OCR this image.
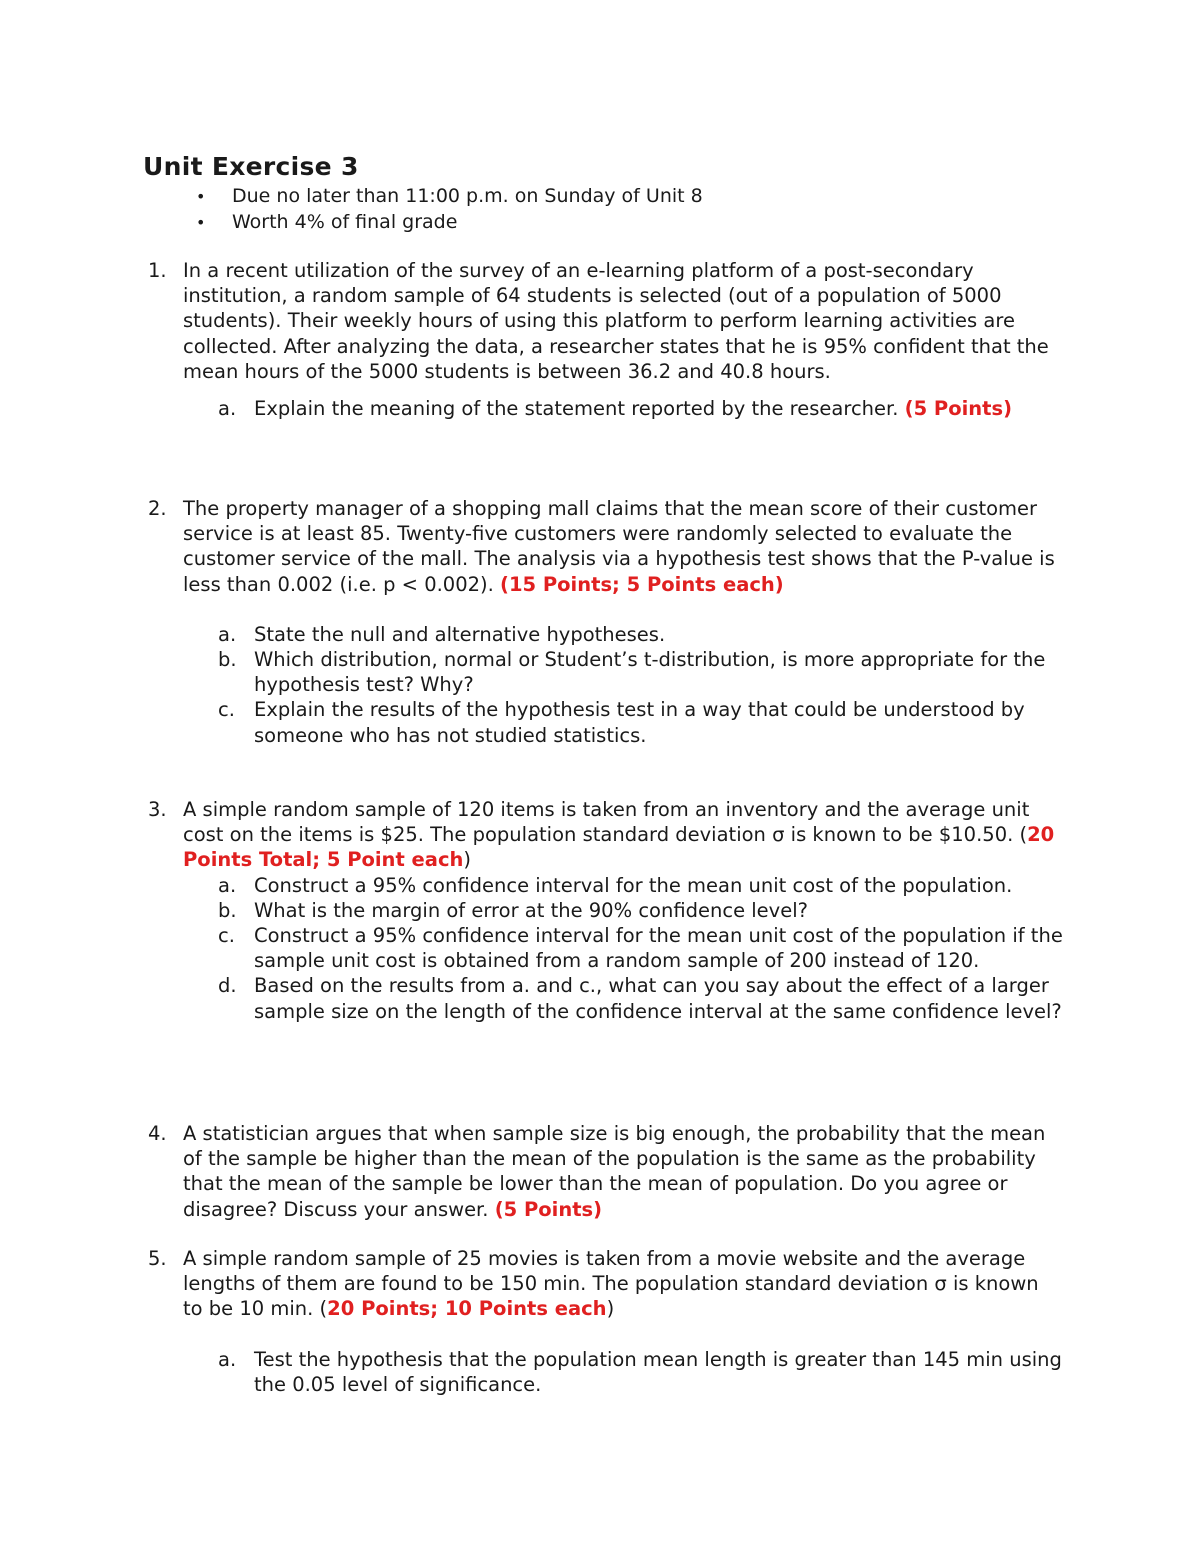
Unit Exercise 3
• Due no later than 11:00 p.m. on Sunday of Unit 8
• Worth 4% of final grade
1. In a recent utilization of the survey of an e-learning platform of a post-secondary institution, a random sample of 64 students is selected (out of a population of 5000 students). Their weekly hours of using this platform to perform learning activities are collected. After analyzing the data, a researcher states that he is 95% confident that the mean hours of the 5000 students is between 36.2 and 40.8 hours.

a. Explain the meaning of the statement reported by the researcher. (5 Points)
2. The property manager of a shopping mall claims that the mean score of their customer service is at least 85. Twenty-five customers were randomly selected to evaluate the customer service of the mall. The analysis via a hypothesis test shows that the P-value is less than 0.002 (i.e. p < 0.002). (15 Points; 5 Points each)

a. State the null and alternative hypotheses.
b. Which distribution, normal or Student’s t-distribution, is more appropriate for the hypothesis test? Why?
c. Explain the results of the hypothesis test in a way that could be understood by someone who has not studied statistics.
3. A simple random sample of 120 items is taken from an inventory and the average unit cost on the items is $25. The population standard deviation σ is known to be $10.50. (20 Points Total; 5 Point each)

a. Construct a 95% confidence interval for the mean unit cost of the population.
b. What is the margin of error at the 90% confidence level?
c. Construct a 95% confidence interval for the mean unit cost of the population if the sample unit cost is obtained from a random sample of 200 instead of 120.
d. Based on the results from a. and c., what can you say about the effect of a larger sample size on the length of the confidence interval at the same confidence level?
4. A statistician argues that when sample size is big enough, the probability that the mean of the sample be higher than the mean of the population is the same as the probability that the mean of the sample be lower than the mean of population. Do you agree or disagree? Discuss your answer. (5 Points)

5. A simple random sample of 25 movies is taken from a movie website and the average lengths of them are found to be 150 min. The population standard deviation σ is known to be 10 min. (20 Points; 10 Points each)

a. Test the hypothesis that the population mean length is greater than 145 min using the 0.05 level of significance.
